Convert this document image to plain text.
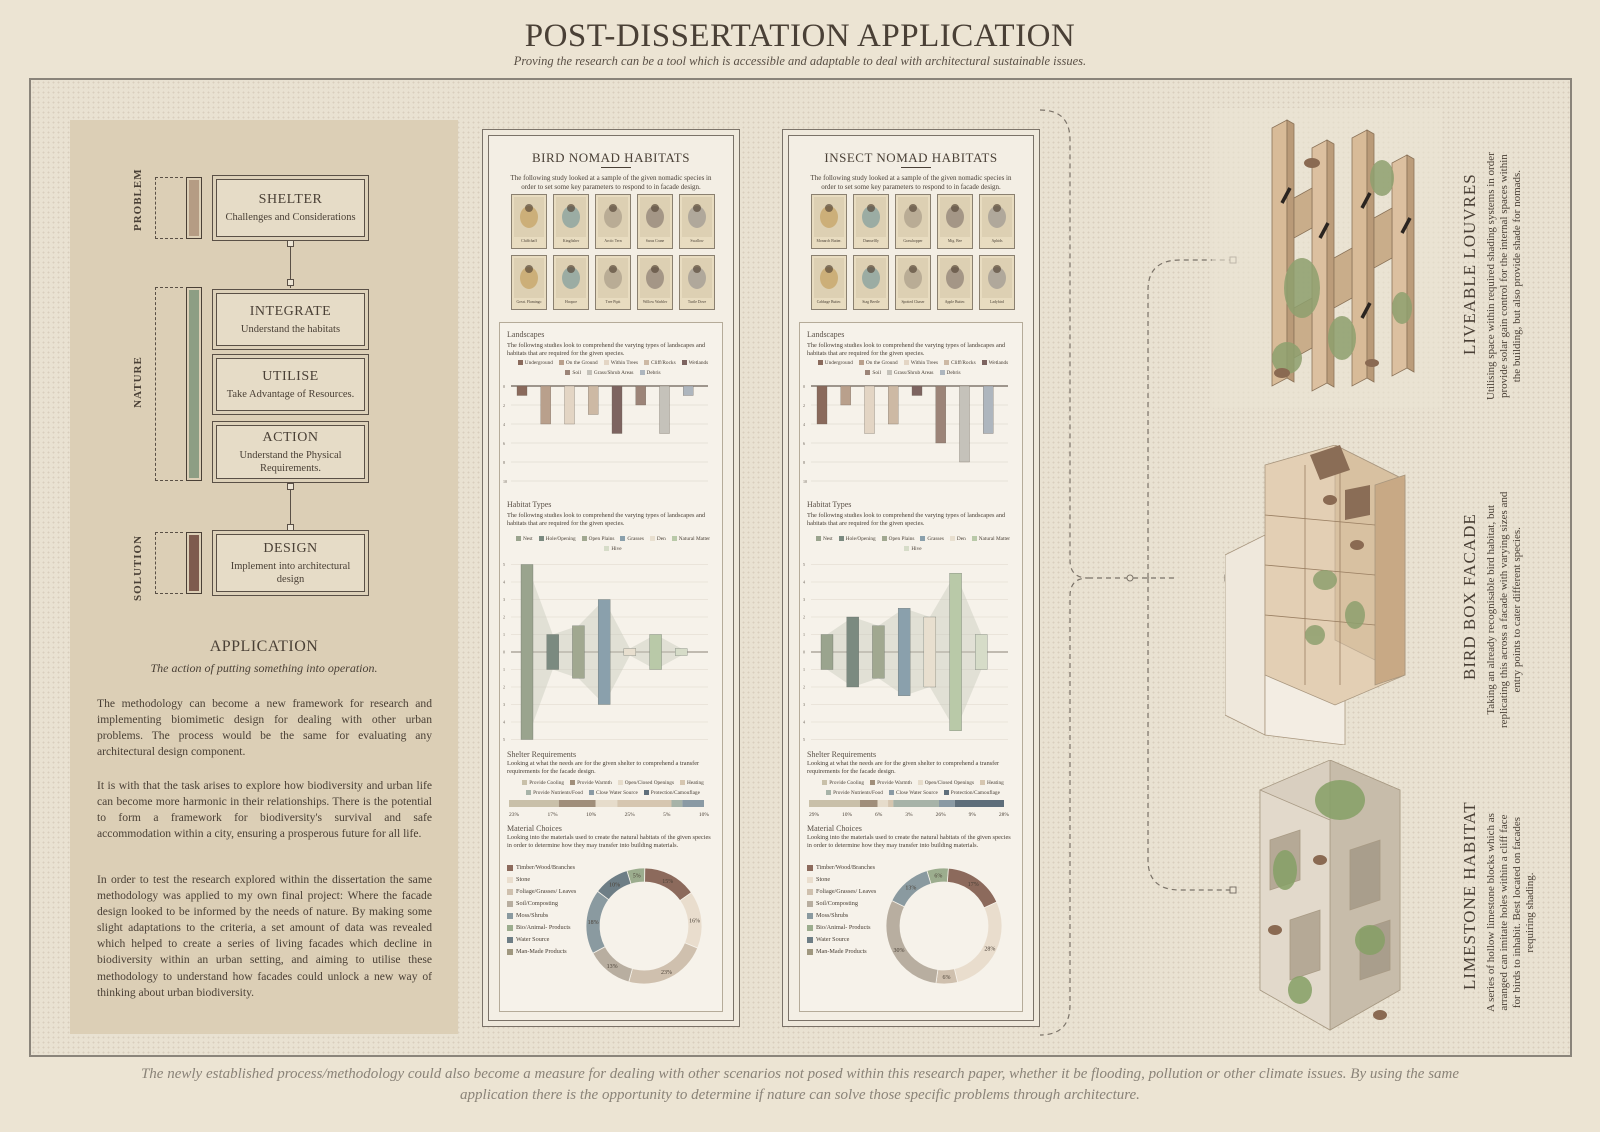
POST-DISSERTATION APPLICATION
Proving the research can be a tool which is accessible and adaptable to deal with architectural sustainable issues.
PROBLEM
NATURE
SOLUTION
SHELTER
Challenges and Considerations
INTEGRATE
Understand the habitats
UTILISE
Take Advantage of Resources.
ACTION
Understand the Physical Requirements.
DESIGN
Implement into architectural design
APPLICATION
The action of putting something into operation.
The methodology can become a new framework for research and implementing biomimetic design for dealing with other urban problems. The process would be the same for evaluating any architectural design component.
It is with that the task arises to explore how biodiversity and urban life can become more harmonic in their relationships. There is the potential to form a framework for biodiversity's survival and safe accommodation within a city, ensuring a prosperous future for all life.
In order to test the research explored within the dissertation the same methodology was applied to my own final project: Where the facade design looked to be informed by the needs of nature. By making some slight adaptations to the criteria, a set amount of data was revealed which helped to create a series of living facades which decline in biodiversity within an urban setting, and aiming to utilise these methodology to understand how facades could unlock a new way of thinking about urban biodiversity.
BIRD NOMAD HABITATS
The following study looked at a sample of the given nomadic species in order to set some key parameters to respond to in facade design.
Chiffchaff	Kingfisher	Arctic Tern	Sarus Crane	Swallow
Great. Flamingo	Hoopoe	Tree Pipit	Willow Warbler	Turtle Dove
Landscapes
The following studies look to comprehend the varying types of landscapes and habitats that are required for the given species.
Underground	On the Ground	Within Trees	Cliff/Rocks	Wetlands
Soil	Grass/Shrub Areas	Debris
0
2
4
6
8
10
Habitat Types
The following studies look to comprehend the varying types of landscapes and habitats that are required for the given species.
Nest	Hole/Opening	Open Plains	Grasses	Den	Natural Matter
Hive
5
4
3
2
1
0
1
2
3
4
5
Shelter Requirements
Looking at what the needs are for the given shelter to comprehend a transfer requirements for the facade design.
Provide Cooling	Provide Warmth	Open/Closed Openings	Heating
Provide Nutrients/Food	Close Water Source	Protection/Camouflage
23%	17%	10%	25%	5%	10%
Material Choices
Looking into the materials used to create the natural habitats of the given species in order to determine how they may transfer into building materials.
Timber/Wood/Branches
Stone
Foliage/Grasses/ Leaves
Soil/Composting
Moss/Shrubs
Bio/Animal- Products
Water Source
Man-Made Products
5%
15%
16%
23%
13%
18%
10%
INSECT NOMAD HABITATS
The following study looked at a sample of the given nomadic species in order to set some key parameters to respond to in facade design.
Monarch Butter.	Damselfly	Grasshopper	Mig. Bee	Aphids
Cabbage Butter.	Stag Beetle	Spotted Chaser	Apple Butter.	Ladybird
Landscapes
The following studies look to comprehend the varying types of landscapes and habitats that are required for the given species.
Underground	On the Ground	Within Trees	Cliff/Rocks	Wetlands
Soil	Grass/Shrub Areas	Debris
0
2
4
6
8
10
Habitat Types
The following studies look to comprehend the varying types of landscapes and habitats that are required for the given species.
Nest	Hole/Opening	Open Plains	Grasses	Den	Natural Matter
Hive
5
4
3
2
1
0
1
2
3
4
5
Shelter Requirements
Looking at what the needs are for the given shelter to comprehend a transfer requirements for the facade design.
Provide Cooling	Provide Warmth	Open/Closed Openings	Heating
Provide Nutrients/Food	Close Water Source	Protection/Camouflage
29%	10%	6%	3%	26%	9%	28%
Material Choices
Looking into the materials used to create the natural habitats of the given species in order to determine how they may transfer into building materials.
Timber/Wood/Branches
Stone
Foliage/Grasses/ Leaves
Soil/Composting
Moss/Shrubs
Bio/Animal- Products
Water Source
Man-Made Products
6%
17%
28%
6%
30%
13%
LIVEABLE LOUVRES Utilising space within required shading systems in order provide solar gain control for the internal spaces within the building, but also provide shade for nomads.
BIRD BOX FACADE Taking an already recognisable bird habitat, but replicating this across a facade with varying sizes and entry points to cater different species.
LIMESTONE HABITAT A series of hollow limestone blocks which as arranged can imitate holes within a cliff face for birds to inhabit. Best located on facades requiring shading.
The newly established process/methodology could also become a measure for dealing with other scenarios not posed within this research paper, whether it be flooding, pollution or other climate issues. By using the same
application there is the opportunity to determine if nature can solve those specific problems through architecture.
